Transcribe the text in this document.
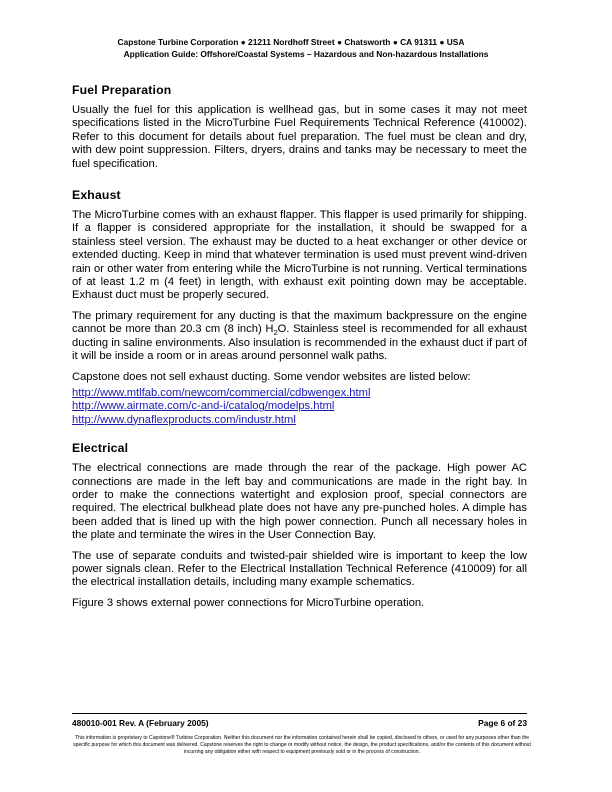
Capstone Turbine Corporation ● 21211 Nordhoff Street ● Chatsworth ● CA 91311 ● USA
Application Guide: Offshore/Coastal Systems – Hazardous and Non-hazardous Installations
Fuel Preparation

Usually the fuel for this application is wellhead gas, but in some cases it may not meet specifications listed in the MicroTurbine Fuel Requirements Technical Reference (410002). Refer to this document for details about fuel preparation. The fuel must be clean and dry, with dew point suppression. Filters, dryers, drains and tanks may be necessary to meet the fuel specification.

Exhaust

The MicroTurbine comes with an exhaust flapper. This flapper is used primarily for shipping. If a flapper is considered appropriate for the installation, it should be swapped for a stainless steel version. The exhaust may be ducted to a heat exchanger or other device or extended ducting. Keep in mind that whatever termination is used must prevent wind-driven rain or other water from entering while the MicroTurbine is not running. Vertical terminations of at least 1.2 m (4 feet) in length, with exhaust exit pointing down may be acceptable. Exhaust duct must be properly secured.

The primary requirement for any ducting is that the maximum backpressure on the engine cannot be more than 20.3 cm (8 inch) $H_2O$. Stainless steel is recommended for all exhaust ducting in saline environments. Also insulation is recommended in the exhaust duct if part of it will be inside a room or in areas around personnel walk paths.

Capstone does not sell exhaust ducting. Some vendor websites are listed below:

http://www.mtlfab.com/newcom/commercial/cdbwengex.html
http://www.airmate.com/c-and-i/catalog/modelps.html
http://www.dynaflexproducts.com/industr.html
Electrical

The electrical connections are made through the rear of the package. High power AC connections are made in the left bay and communications are made in the right bay. In order to make the connections watertight and explosion proof, special connectors are required. The electrical bulkhead plate does not have any pre-punched holes. A dimple has been added that is lined up with the high power connection. Punch all necessary holes in the plate and terminate the wires in the User Connection Bay.

The use of separate conduits and twisted-pair shielded wire is important to keep the low power signals clean. Refer to the Electrical Installation Technical Reference (410009) for all the electrical installation details, including many example schematics.

Figure 3 shows external power connections for MicroTurbine operation.

480010-001 Rev. A (February 2005)	Page 6 of 23
This information is proprietary to Capstone® Turbine Corporation. Neither this document nor the information contained herein shall be copied, disclosed to others, or used for any purposes other than the specific purpose for which this document was delivered. Capstone reserves the right to change or modify without notice, the design, the product specifications, and/or the contents of this document without incurring any obligation either with respect to equipment previously sold or in the process of construction.
